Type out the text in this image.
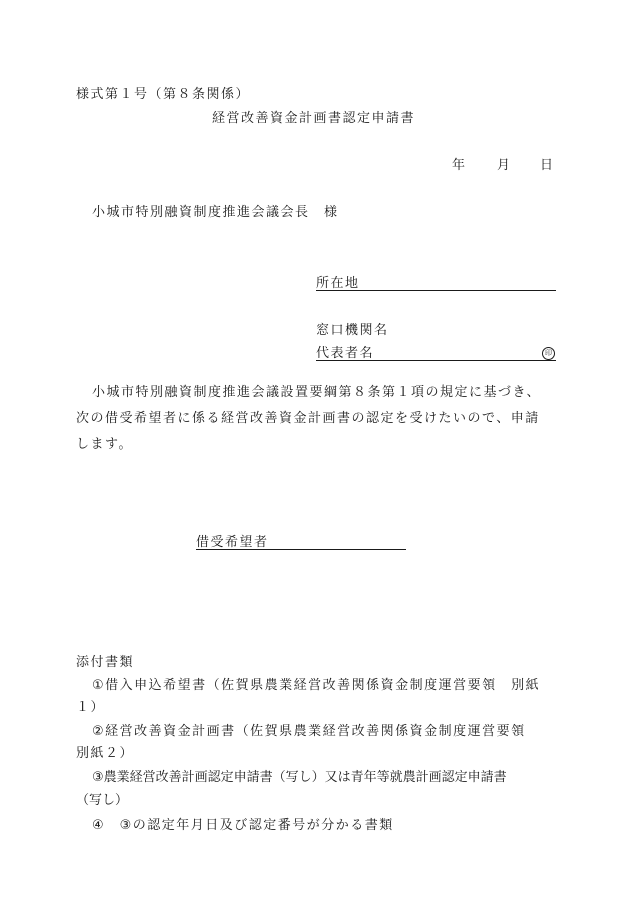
様式第１号（第８条関係）
経営改善資金計画書認定申請書
年 月 日
小城市特別融資制度推進会議会長　様
所在地
窓口機関名
代表者名	印
小城市特別融資制度推進会議設置要綱第８条第１項の規定に基づき、
次の借受希望者に係る経営改善資金計画書の認定を受けたいので、申請
します。
借受希望者
添付書類
①借入申込希望書（佐賀県農業経営改善関係資金制度運営要領　別紙
１）
②経営改善資金計画書（佐賀県農業経営改善関係資金制度運営要領
別紙２）
③農業経営改善計画認定申請書（写し）又は青年等就農計画認定申請書
（写し）
④　③の認定年月日及び認定番号が分かる書類
